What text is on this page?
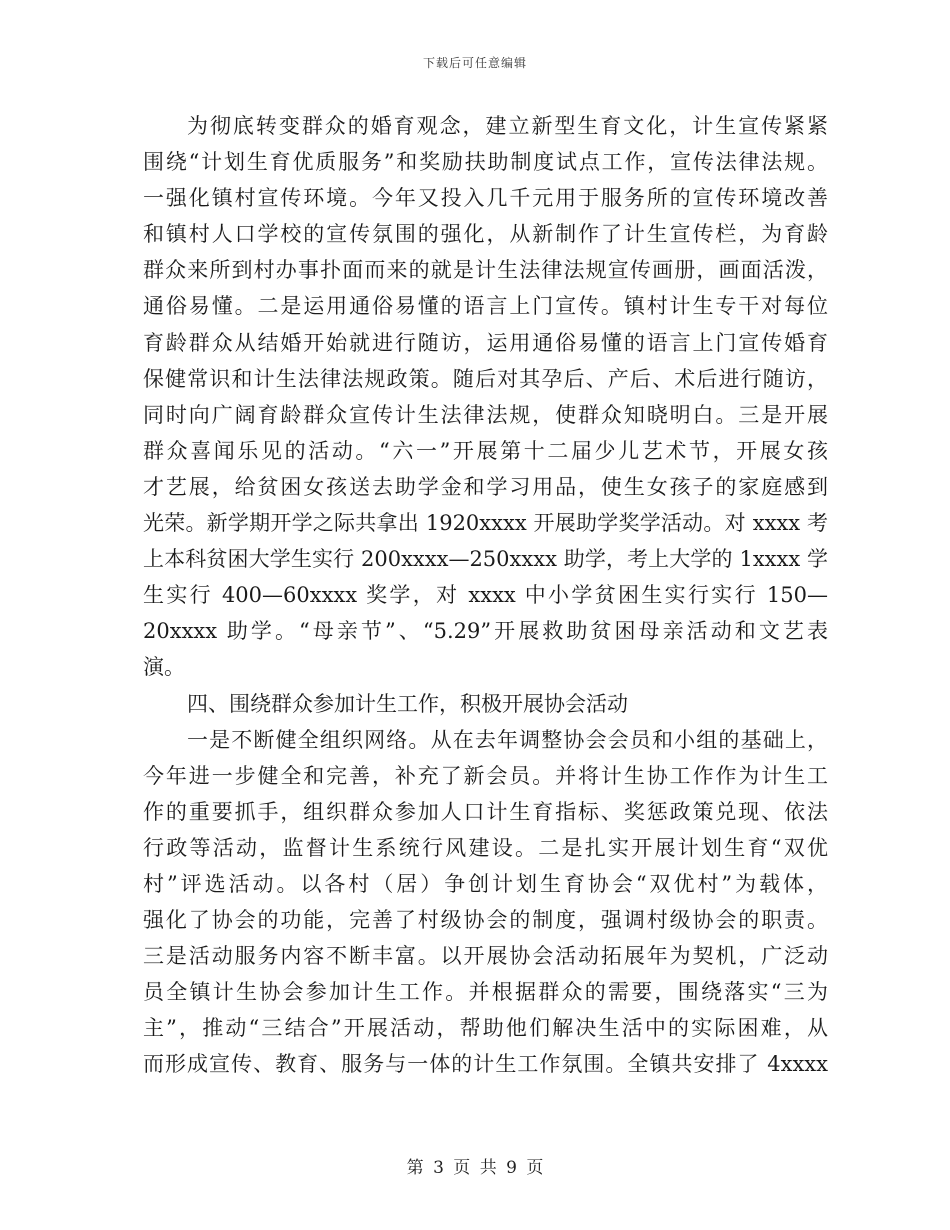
下载后可任意编辑
为彻底转变群众的婚育观念，建立新型生育文化，计生宣传紧紧
围绕“计划生育优质服务”和奖励扶助制度试点工作，宣传法律法规。
一强化镇村宣传环境。今年又投入几千元用于服务所的宣传环境改善
和镇村人口学校的宣传氛围的强化，从新制作了计生宣传栏，为育龄
群众来所到村办事扑面而来的就是计生法律法规宣传画册，画面活泼，
通俗易懂。二是运用通俗易懂的语言上门宣传。镇村计生专干对每位
育龄群众从结婚开始就进行随访，运用通俗易懂的语言上门宣传婚育
保健常识和计生法律法规政策。随后对其孕后、产后、术后进行随访，
同时向广阔育龄群众宣传计生法律法规，使群众知晓明白。三是开展
群众喜闻乐见的活动。“六一”开展第十二届少儿艺术节，开展女孩
才艺展，给贫困女孩送去助学金和学习用品，使生女孩子的家庭感到
光荣。新学期开学之际共拿出 1920xxxx 开展助学奖学活动。对 xxxx 考
上本科贫困大学生实行 200xxxx—250xxxx 助学，考上大学的 1xxxx 学
生实行 400—60xxxx 奖学，对 xxxx 中小学贫困生实行实行 150—
20xxxx 助学。“母亲节”、“5.29”开展救助贫困母亲活动和文艺表
演。
四、围绕群众参加计生工作，积极开展协会活动
一是不断健全组织网络。从在去年调整协会会员和小组的基础上，
今年进一步健全和完善，补充了新会员。并将计生协工作作为计生工
作的重要抓手，组织群众参加人口计生育指标、奖惩政策兑现、依法
行政等活动，监督计生系统行风建设。二是扎实开展计划生育“双优
村”评选活动。以各村（居）争创计划生育协会“双优村”为载体，
强化了协会的功能，完善了村级协会的制度，强调村级协会的职责。
三是活动服务内容不断丰富。以开展协会活动拓展年为契机，广泛动
员全镇计生协会参加计生工作。并根据群众的需要，围绕落实“三为
主”，推动“三结合”开展活动，帮助他们解决生活中的实际困难，从
而形成宣传、教育、服务与一体的计生工作氛围。全镇共安排了 4xxxx
第 3 页 共 9 页
